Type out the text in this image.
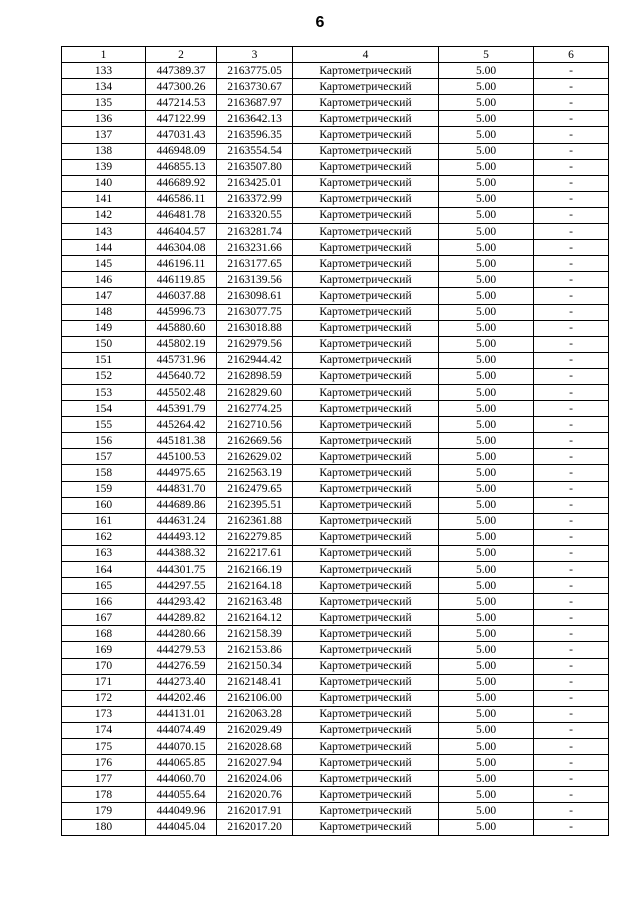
6
1	2	3	4	5	6
133	447389.37	2163775.05	Картометрический	5.00	-
134	447300.26	2163730.67	Картометрический	5.00	-
135	447214.53	2163687.97	Картометрический	5.00	-
136	447122.99	2163642.13	Картометрический	5.00	-
137	447031.43	2163596.35	Картометрический	5.00	-
138	446948.09	2163554.54	Картометрический	5.00	-
139	446855.13	2163507.80	Картометрический	5.00	-
140	446689.92	2163425.01	Картометрический	5.00	-
141	446586.11	2163372.99	Картометрический	5.00	-
142	446481.78	2163320.55	Картометрический	5.00	-
143	446404.57	2163281.74	Картометрический	5.00	-
144	446304.08	2163231.66	Картометрический	5.00	-
145	446196.11	2163177.65	Картометрический	5.00	-
146	446119.85	2163139.56	Картометрический	5.00	-
147	446037.88	2163098.61	Картометрический	5.00	-
148	445996.73	2163077.75	Картометрический	5.00	-
149	445880.60	2163018.88	Картометрический	5.00	-
150	445802.19	2162979.56	Картометрический	5.00	-
151	445731.96	2162944.42	Картометрический	5.00	-
152	445640.72	2162898.59	Картометрический	5.00	-
153	445502.48	2162829.60	Картометрический	5.00	-
154	445391.79	2162774.25	Картометрический	5.00	-
155	445264.42	2162710.56	Картометрический	5.00	-
156	445181.38	2162669.56	Картометрический	5.00	-
157	445100.53	2162629.02	Картометрический	5.00	-
158	444975.65	2162563.19	Картометрический	5.00	-
159	444831.70	2162479.65	Картометрический	5.00	-
160	444689.86	2162395.51	Картометрический	5.00	-
161	444631.24	2162361.88	Картометрический	5.00	-
162	444493.12	2162279.85	Картометрический	5.00	-
163	444388.32	2162217.61	Картометрический	5.00	-
164	444301.75	2162166.19	Картометрический	5.00	-
165	444297.55	2162164.18	Картометрический	5.00	-
166	444293.42	2162163.48	Картометрический	5.00	-
167	444289.82	2162164.12	Картометрический	5.00	-
168	444280.66	2162158.39	Картометрический	5.00	-
169	444279.53	2162153.86	Картометрический	5.00	-
170	444276.59	2162150.34	Картометрический	5.00	-
171	444273.40	2162148.41	Картометрический	5.00	-
172	444202.46	2162106.00	Картометрический	5.00	-
173	444131.01	2162063.28	Картометрический	5.00	-
174	444074.49	2162029.49	Картометрический	5.00	-
175	444070.15	2162028.68	Картометрический	5.00	-
176	444065.85	2162027.94	Картометрический	5.00	-
177	444060.70	2162024.06	Картометрический	5.00	-
178	444055.64	2162020.76	Картометрический	5.00	-
179	444049.96	2162017.91	Картометрический	5.00	-
180	444045.04	2162017.20	Картометрический	5.00	-
